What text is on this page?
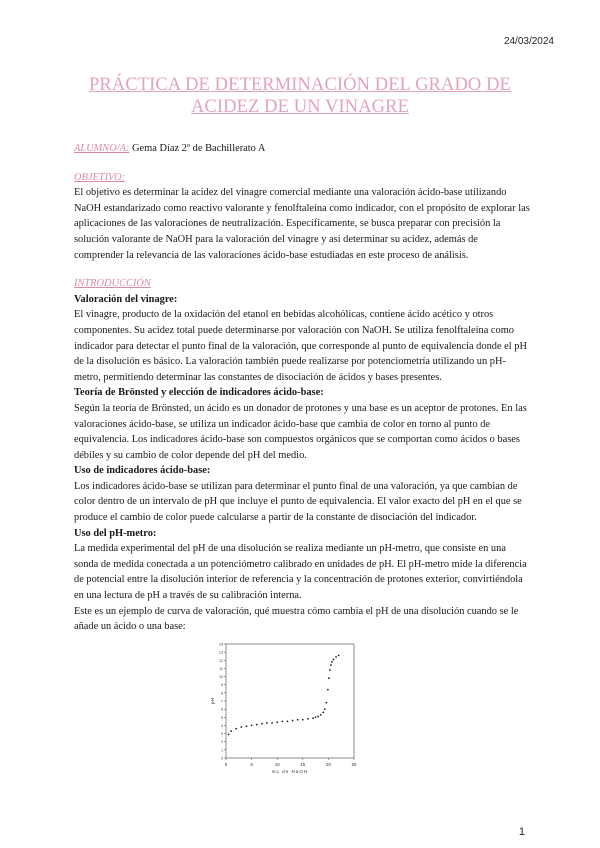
24/03/2024
PRÁCTICA DE DETERMINACIÓN DEL GRADO DE
ACIDEZ DE UN VINAGRE

ALUMNO/A: Gema Díaz 2º de Bachillerato A

OBJETIVO:

El objetivo es determinar la acidez del vinagre comercial mediante una valoración ácido-base utilizando NaOH estandarizado como reactivo valorante y fenolftaleína como indicador, con el propósito de explorar las aplicaciones de las valoraciones de neutralización. Específicamente, se busca preparar con precisión la solución valorante de NaOH para la valoración del vinagre y así determinar su acidez, además de comprender la relevancia de las valoraciones ácido-base estudiadas en este proceso de análisis.

INTRODUCCIÓN

Valoración del vinagre:

El vinagre, producto de la oxidación del etanol en bebidas alcohólicas, contiene ácido acético y otros componentes. Su acidez total puede determinarse por valoración con NaOH. Se utiliza fenolftaleína como indicador para detectar el punto final de la valoración, que corresponde al punto de equivalencia donde el pH de la disolución es básico. La valoración también puede realizarse por potenciometría utilizando un pH-metro, permitiendo determinar las constantes de disociación de ácidos y bases presentes.

Teoría de Brönsted y elección de indicadores ácido-base:

Según la teoría de Brönsted, un ácido es un donador de protones y una base es un aceptor de protones. En las valoraciones ácido-base, se utiliza un indicador ácido-base que cambia de color en torno al punto de equivalencia. Los indicadores ácido-base son compuestos orgánicos que se comportan como ácidos o bases débiles y su cambio de color depende del pH del medio.

Uso de indicadores ácido-base:

Los indicadores ácido-base se utilizan para determinar el punto final de una valoración, ya que cambian de color dentro de un intervalo de pH que incluye el punto de equivalencia. El valor exacto del pH en el que se produce el cambio de color puede calcularse a partir de la constante de disociación del indicador.

Uso del pH-metro:

La medida experimental del pH de una disolución se realiza mediante un pH-metro, que consiste en una sonda de medida conectada a un potenciómetro calibrado en unidades de pH. El pH-metro mide la diferencia de potencial entre la disolución interior de referencia y la concentración de protones exterior, convirtiéndola en una lectura de pH a través de su calibración interna.

Este es un ejemplo de curva de valoración, qué muestra cómo cambia el pH de una disolución cuando se le añade un ácido o una base:

0	5	10	15	20	25
0
1
2
3
4
5
6
7
8
9
10
11
12
13
14
mL de NaOH
pH
1
